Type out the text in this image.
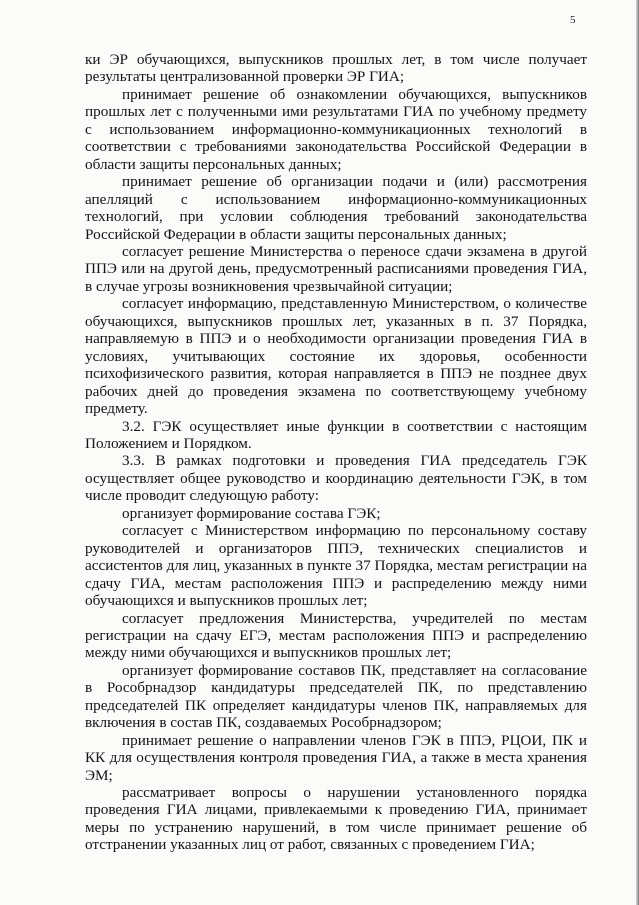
5

ки ЭР обучающихся, выпускников прошлых лет, в том числе получает результаты централизованной проверки ЭР ГИА;

принимает решение об ознакомлении обучающихся, выпускников прошлых лет с полученными ими результатами ГИА по учебному предмету с использованием информационно-коммуникационных технологий в соответствии с требованиями законодательства Российской Федерации в области защиты персональных данных;

принимает решение об организации подачи и (или) рассмотрения апелляций с использованием информационно-коммуникационных технологий, при условии соблюдения требований законодательства Российской Федерации в области защиты персональных данных;

согласует решение Министерства о переносе сдачи экзамена в другой ППЭ или на другой день, предусмотренный расписаниями проведения ГИА, в случае угрозы возникновения чрезвычайной ситуации;

согласует информацию, представленную Министерством, о количестве обучающихся, выпускников прошлых лет, указанных в п. 37 Порядка, направляемую в ППЭ и о необходимости организации проведения ГИА в условиях, учитывающих состояние их здоровья, особенности психофизического развития, которая направляется в ППЭ не позднее двух рабочих дней до проведения экзамена по соответствующему учебному предмету.

3.2. ГЭК осуществляет иные функции в соответствии с настоящим Положением и Порядком.

3.3. В рамках подготовки и проведения ГИА председатель ГЭК осуществляет общее руководство и координацию деятельности ГЭК, в том числе проводит следующую работу:

организует формирование состава ГЭК;

согласует с Министерством информацию по персональному составу руководителей и организаторов ППЭ, технических специалистов и ассистентов для лиц, указанных в пункте 37 Порядка, местам регистрации на сдачу ГИА, местам расположения ППЭ и распределению между ними обучающихся и выпускников прошлых лет;

согласует предложения Министерства, учредителей по местам регистрации на сдачу ЕГЭ, местам расположения ППЭ и распределению между ними обучающихся и выпускников прошлых лет;

организует формирование составов ПК, представляет на согласование в Рособрнадзор кандидатуры председателей ПК, по представлению председателей ПК определяет кандидатуры членов ПК, направляемых для включения в состав ПК, создаваемых Рособрнадзором;

принимает решение о направлении членов ГЭК в ППЭ, РЦОИ, ПК и КК для осуществления контроля проведения ГИА, а также в места хранения ЭМ;

рассматривает вопросы о нарушении установленного порядка проведения ГИА лицами, привлекаемыми к проведению ГИА, принимает меры по устранению нарушений, в том числе принимает решение об отстранении указанных лиц от работ, связанных с проведением ГИА;
